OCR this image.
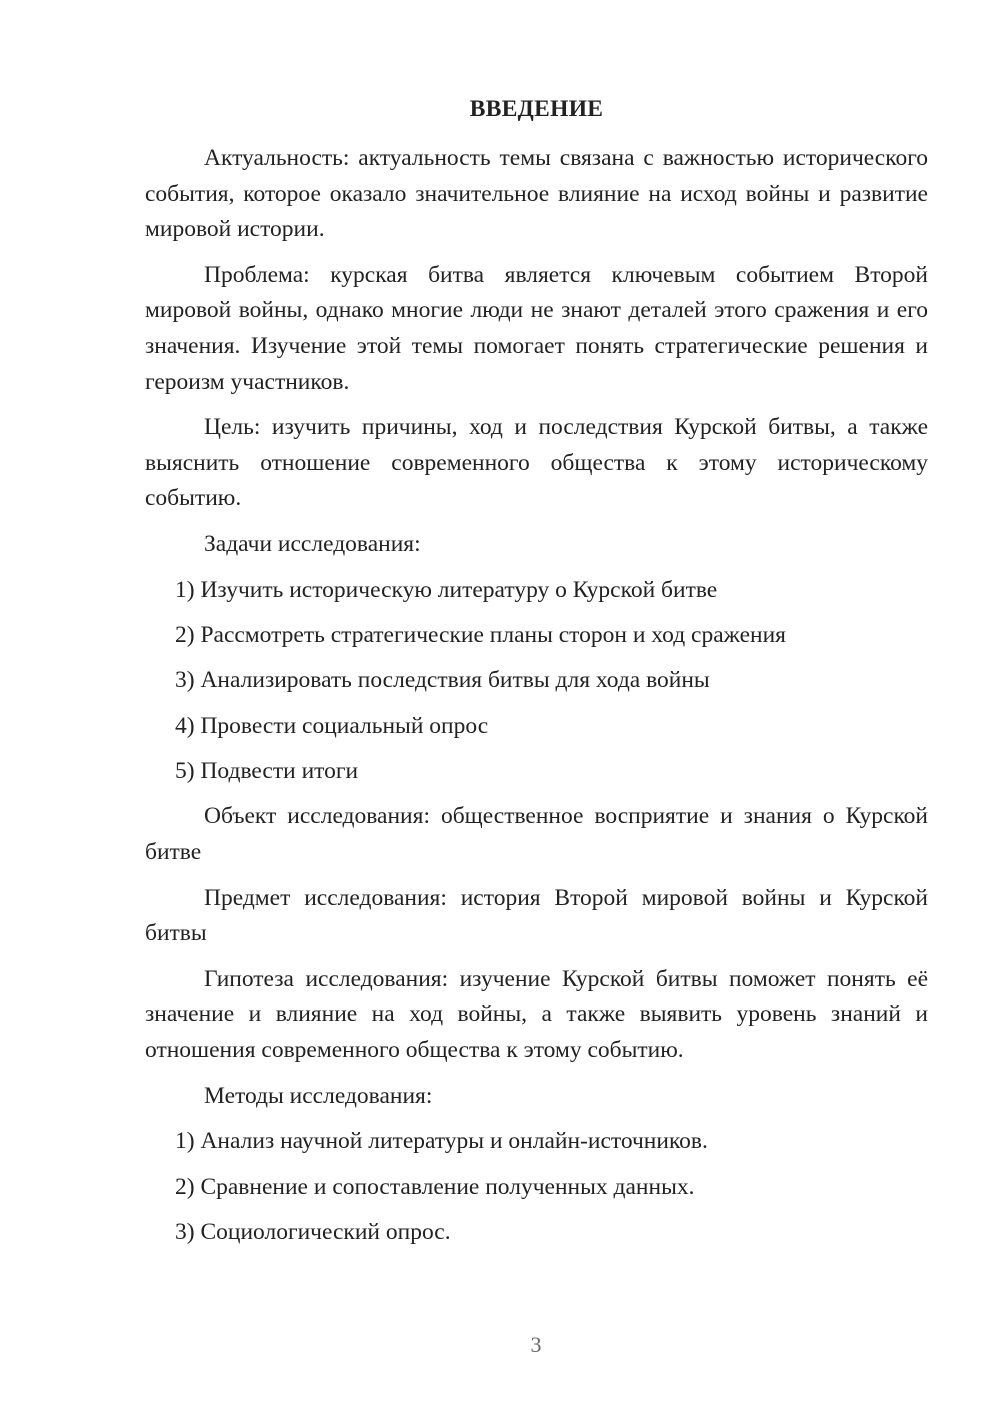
ВВЕДЕНИЕ

Актуальность: актуальность темы связана с важностью исторического события, которое оказало значительное влияние на исход войны и развитие мировой истории.

Проблема: курская битва является ключевым событием Второй мировой войны, однако многие люди не знают деталей этого сражения и его значения. Изучение этой темы помогает понять стратегические решения и героизм участников.

Цель: изучить причины, ход и последствия Курской битвы, а также выяснить отношение современного общества к этому историческому событию.

Задачи исследования:

1) Изучить историческую литературу о Курской битве

2) Рассмотреть стратегические планы сторон и ход сражения

3) Анализировать последствия битвы для хода войны

4) Провести социальный опрос

5) Подвести итоги

Объект исследования: общественное восприятие и знания о Курской битве

Предмет исследования: история Второй мировой войны и Курской битвы

Гипотеза исследования: изучение Курской битвы поможет понять её значение и влияние на ход войны, а также выявить уровень знаний и отношения современного общества к этому событию.

Методы исследования:

1) Анализ научной литературы и онлайн-источников.

2) Сравнение и сопоставление полученных данных.

3) Социологический опрос.

3
